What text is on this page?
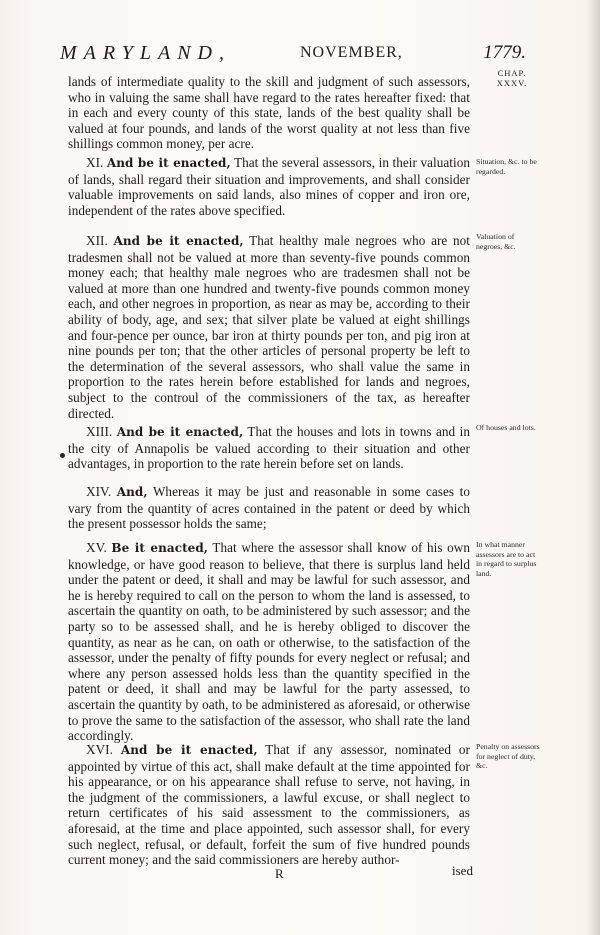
MARYLAND,	NOVEMBER,	1779.
CHAP.
XXXV.
lands of intermediate quality to the skill and judgment of such assessors, who in valuing the same shall have regard to the rates hereafter fixed: that in each and every county of this state, lands of the best quality shall be valued at four pounds, and lands of the worst quality at not less than five shillings common money, per acre.
XI. And be it enacted, That the several assessors, in their valuation of lands, shall regard their situation and improvements, and shall consider valuable improvements on said lands, also mines of copper and iron ore, independent of the rates above specified.
Situation, &c. to be regarded.
XII. And be it enacted, That healthy male negroes who are not tradesmen shall not be valued at more than seventy-five pounds common money each; that healthy male negroes who are tradesmen shall not be valued at more than one hundred and twenty-five pounds common money each, and other negroes in proportion, as near as may be, according to their ability of body, age, and sex; that silver plate be valued at eight shillings and four-pence per ounce, bar iron at thirty pounds per ton, and pig iron at nine pounds per ton; that the other articles of personal property be left to the determination of the several assessors, who shall value the same in proportion to the rates herein before established for lands and negroes, subject to the controul of the commissioners of the tax, as hereafter directed.
Valuation of negroes, &c.
XIII. And be it enacted, That the houses and lots in towns and in the city of Annapolis be valued according to their situation and other advantages, in proportion to the rate herein before set on lands.
Of houses and lots.
XIV. And, Whereas it may be just and reasonable in some cases to vary from the quantity of acres contained in the patent or deed by which the present possessor holds the same;
XV. Be it enacted, That where the assessor shall know of his own knowledge, or have good reason to believe, that there is surplus land held under the patent or deed, it shall and may be lawful for such assessor, and he is hereby required to call on the person to whom the land is assessed, to ascertain the quantity on oath, to be administered by such assessor; and the party so to be assessed shall, and he is hereby obliged to discover the quantity, as near as he can, on oath or otherwise, to the satisfaction of the assessor, under the penalty of fifty pounds for every neglect or refusal; and where any person assessed holds less than the quantity specified in the patent or deed, it shall and may be lawful for the party assessed, to ascertain the quantity by oath, to be administered as aforesaid, or otherwise to prove the same to the satisfaction of the assessor, who shall rate the land accordingly.
In what manner assessors are to act in regard to surplus land.
XVI. And be it enacted, That if any assessor, nominated or appointed by virtue of this act, shall make default at the time appointed for his appearance, or on his appearance shall refuse to serve, not having, in the judgment of the commissioners, a lawful excuse, or shall neglect to return certificates of his said assessment to the commissioners, as aforesaid, at the time and place appointed, such assessor shall, for every such neglect, refusal, or default, forfeit the sum of five hundred pounds current money; and the said commissioners are hereby author-
Penalty on assessors for neglect of duty, &c.
R	ised
